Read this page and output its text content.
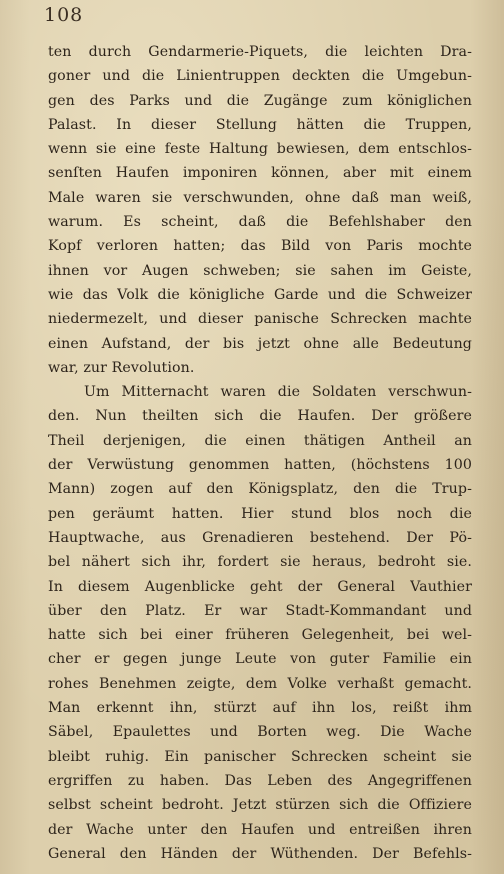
108
ten durch Gendarmerie-Piquets, die leichten Dra-
goner und die Linientruppen deckten die Umgebun-
gen des Parks und die Zugänge zum königlichen
Palast. In dieser Stellung hätten die Truppen,
wenn sie eine feste Haltung bewiesen, dem entschlos-
senſten Haufen imponiren können, aber mit einem
Male waren sie verschwunden, ohne daß man weiß,
warum. Es scheint, daß die Befehlshaber den
Kopf verloren hatten; das Bild von Paris mochte
ihnen vor Augen schweben; sie sahen im Geiste,
wie das Volk die königliche Garde und die Schweizer
niedermezelt, und dieser panische Schrecken machte
einen Aufstand, der bis jetzt ohne alle Bedeutung
war, zur Revolution.
Um Mitternacht waren die Soldaten verschwun-
den. Nun theilten sich die Haufen. Der größere
Theil derjenigen, die einen thätigen Antheil an
der Verwüstung genommen hatten, (höchstens 100
Mann) zogen auf den Königsplatz, den die Trup-
pen geräumt hatten. Hier stund blos noch die
Hauptwache, aus Grenadieren bestehend. Der Pö-
bel nähert sich ihr, fordert sie heraus, bedroht sie.
In diesem Augenblicke geht der General Vauthier
über den Platz. Er war Stadt-Kommandant und
hatte sich bei einer früheren Gelegenheit, bei wel-
cher er gegen junge Leute von guter Familie ein
rohes Benehmen zeigte, dem Volke verhaßt gemacht.
Man erkennt ihn, stürzt auf ihn los, reißt ihm
Säbel, Epaulettes und Borten weg. Die Wache
bleibt ruhig. Ein panischer Schrecken scheint sie
ergriffen zu haben. Das Leben des Angegriffenen
selbst scheint bedroht. Jetzt stürzen sich die Offiziere
der Wache unter den Haufen und entreißen ihren
General den Händen der Wüthenden. Der Befehls-
